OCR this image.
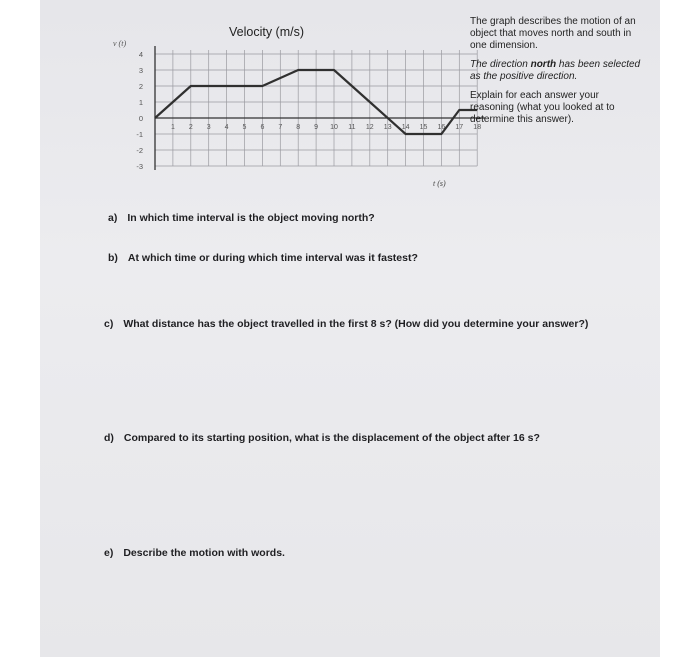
4
3
2
1
0
-1
-2
-3
1 2 3 4 5 6 7 8 9 10 11 12 13 14 15 16 17 18
Velocity (m/s)
v (t)
t (s)

The graph describes the motion of an object that moves north and south in one dimension.

The direction north has been selected as the positive direction.

Explain for each answer your reasoning (what you looked at to determine this answer).

a) In which time interval is the object moving north?
b) At which time or during which time interval was it fastest?
c) What distance has the object travelled in the first 8 s? (How did you determine your answer?)
d) Compared to its starting position, what is the displacement of the object after 16 s?
e) Describe the motion with words.
